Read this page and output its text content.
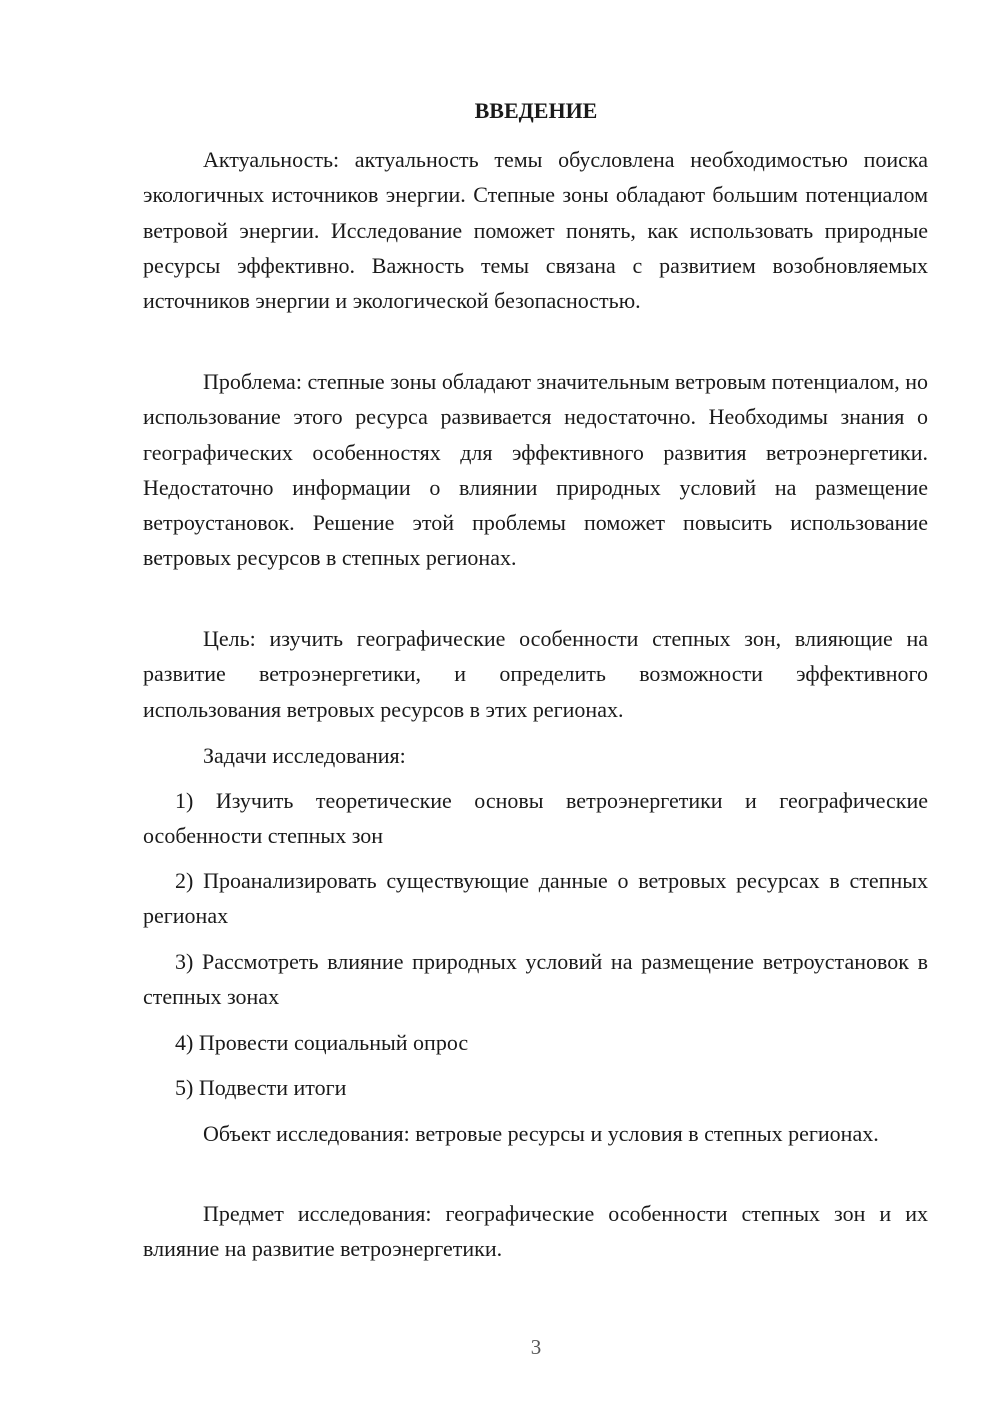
ВВЕДЕНИЕ

Актуальность: актуальность темы обусловлена необходимостью поиска экологичных источников энергии. Степные зоны обладают большим потенциалом ветровой энергии. Исследование поможет понять, как использовать природные ресурсы эффективно. Важность темы связана с развитием возобновляемых источников энергии и экологической безопасностью.

Проблема: степные зоны обладают значительным ветровым потенциалом, но использование этого ресурса развивается недостаточно. Необходимы знания о географических особенностях для эффективного развития ветроэнергетики. Недостаточно информации о влиянии природных условий на размещение ветроустановок. Решение этой проблемы поможет повысить использование ветровых ресурсов в степных регионах.

Цель: изучить географические особенности степных зон, влияющие на развитие ветроэнергетики, и определить возможности эффективного использования ветровых ресурсов в этих регионах.

Задачи исследования:

1) Изучить теоретические основы ветроэнергетики и географические особенности степных зон

2) Проанализировать существующие данные о ветровых ресурсах в степных регионах

3) Рассмотреть влияние природных условий на размещение ветроустановок в степных зонах

4) Провести социальный опрос

5) Подвести итоги

Объект исследования: ветровые ресурсы и условия в степных регионах.

Предмет исследования: географические особенности степных зон и их влияние на развитие ветроэнергетики.

3
